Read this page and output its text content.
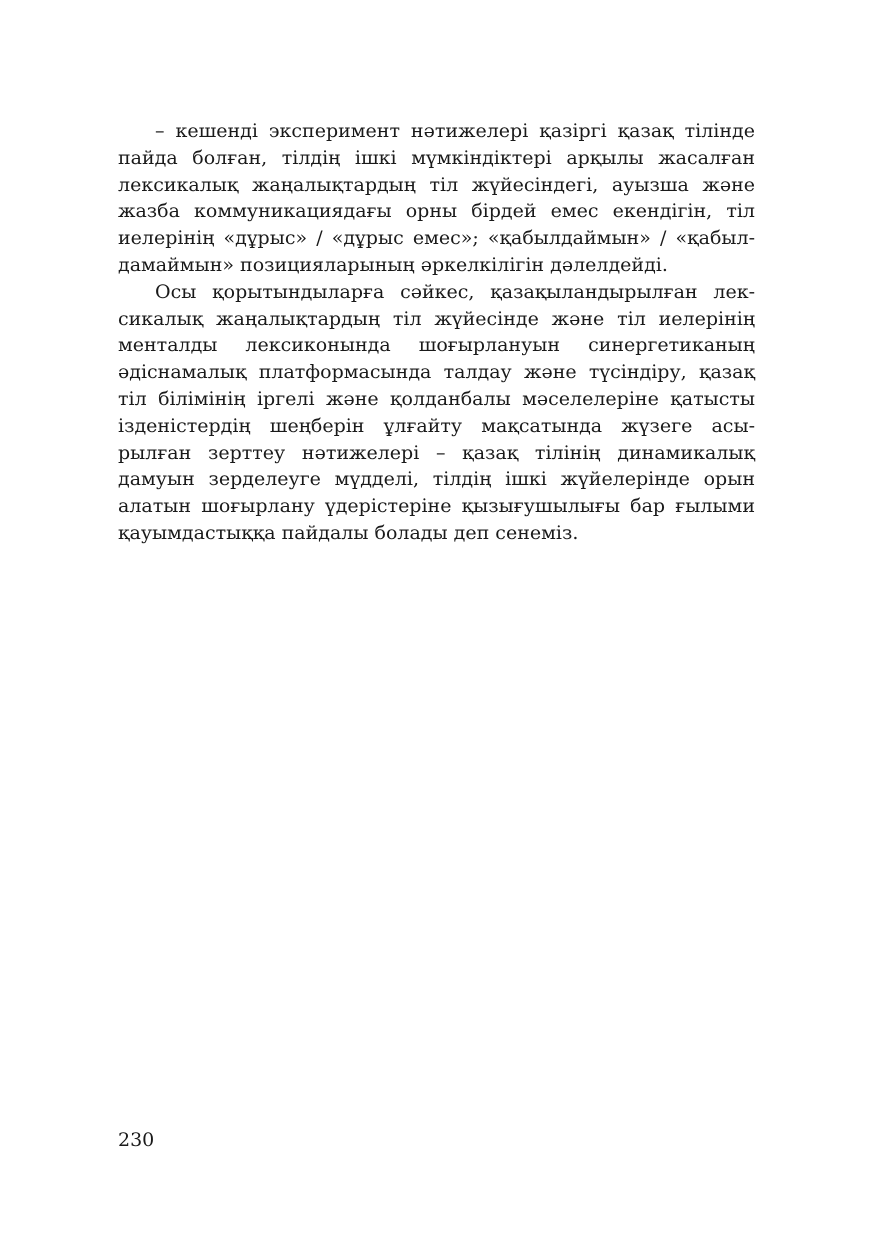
– кешенді эксперимент нәтижелері қазіргі қазақ тілінде пайда болған, тілдің ішкі мүмкіндіктері арқылы жасалған лексикалық жаңалықтардың тіл жүйесіндегі, ауызша және жазба коммуникациядағы орны бірдей емес екендігін, тіл иелерінің «дұрыс» / «дұрыс емес»; «қабылдаймын» / «қабылдамаймын» позицияларының әркелкілігін дәлелдейді.

Осы қорытындыларға сәйкес, қазақыландырылған лексикалық жаңалықтардың тіл жүйесінде және тіл иелерінің менталды лексиконында шоғырлануын синергетиканың әдіснамалық платформасында талдау және түсіндіру, қазақ тіл білімінің іргелі және қолданбалы мәселелеріне қатысты ізденістердің шеңберін ұлғайту мақсатында жүзеге асырылған зерттеу нәтижелері – қазақ тілінің динамикалық дамуын зерделеуге мүдделі, тілдің ішкі жүйелерінде орын алатын шоғырлану үдерістеріне қызығушылығы бар ғылыми қауымдастыққа пайдалы болады деп сенеміз.

230
